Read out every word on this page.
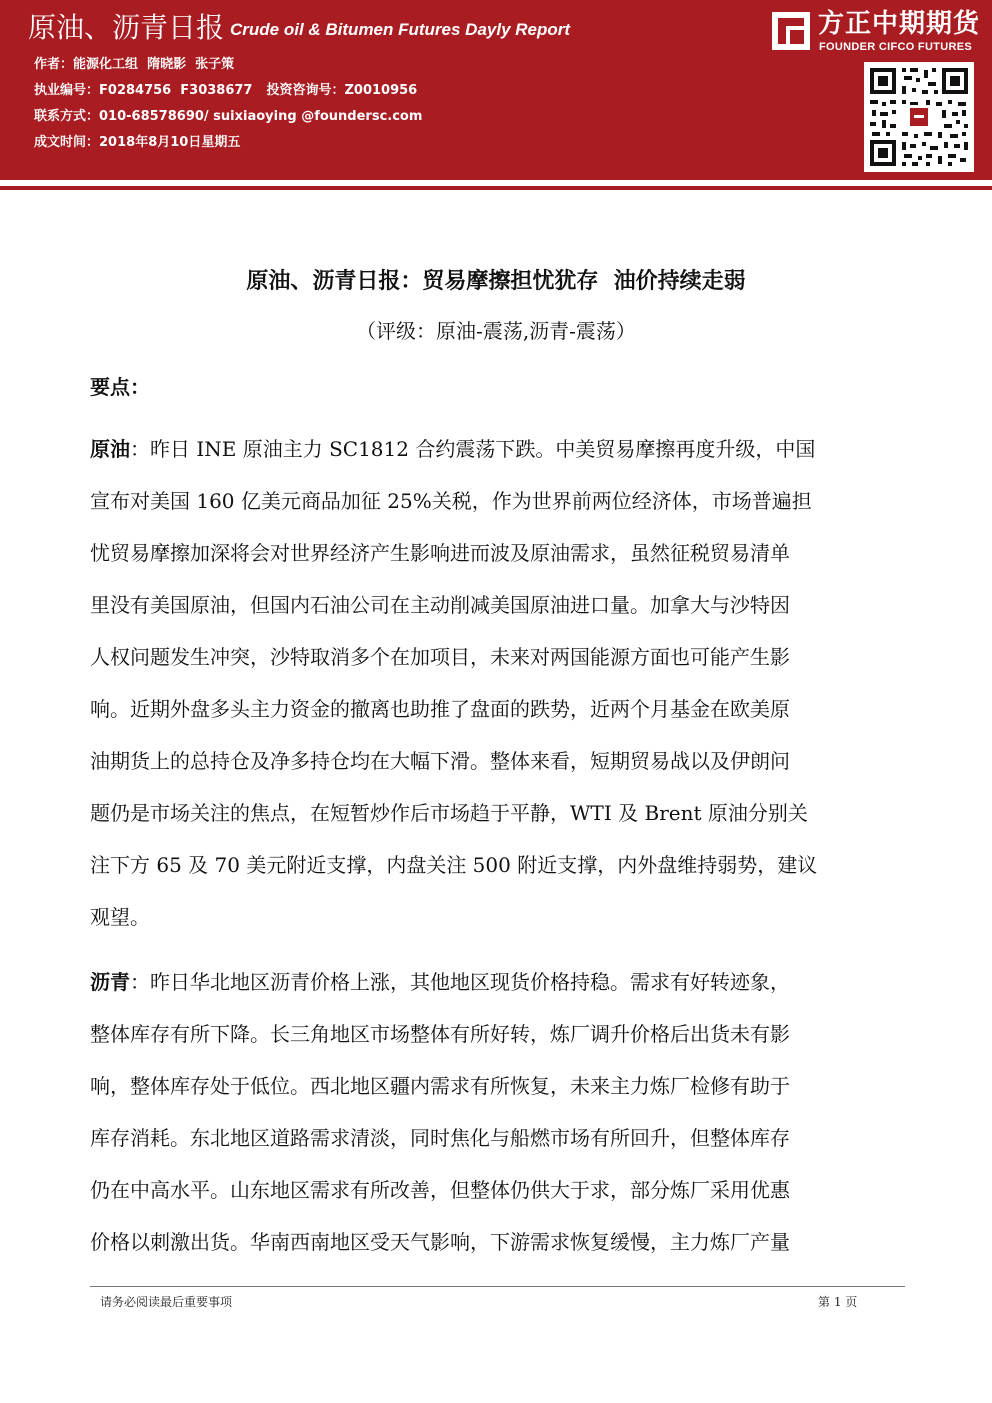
原油、沥青日报 Crude oil & Bitumen Futures Dayly Report
作者：能源化工组  隋晓影  张子策
执业编号：F0284756  F3038677 投资咨询号：Z0010956
联系方式：010-68578690/ suixiaoying @foundersc.com
成文时间：2018年8月10日星期五
方正中期期货
FOUNDER CIFCO FUTURES
原油、沥青日报：贸易摩擦担忧犹存  油价持续走弱
（评级：原油-震荡,沥青-震荡）
要点：
原油：昨日 INE 原油主力 SC1812 合约震荡下跌。中美贸易摩擦再度升级，中国
宣布对美国 160 亿美元商品加征 25%关税，作为世界前两位经济体，市场普遍担
忧贸易摩擦加深将会对世界经济产生影响进而波及原油需求，虽然征税贸易清单
里没有美国原油，但国内石油公司在主动削减美国原油进口量。加拿大与沙特因
人权问题发生冲突，沙特取消多个在加项目，未来对两国能源方面也可能产生影
响。近期外盘多头主力资金的撤离也助推了盘面的跌势，近两个月基金在欧美原
油期货上的总持仓及净多持仓均在大幅下滑。整体来看，短期贸易战以及伊朗问
题仍是市场关注的焦点，在短暂炒作后市场趋于平静，WTI 及 Brent 原油分别关
注下方 65 及 70 美元附近支撑，内盘关注 500 附近支撑，内外盘维持弱势，建议
观望。
沥青：昨日华北地区沥青价格上涨，其他地区现货价格持稳。需求有好转迹象，
整体库存有所下降。长三角地区市场整体有所好转，炼厂调升价格后出货未有影
响，整体库存处于低位。西北地区疆内需求有所恢复，未来主力炼厂检修有助于
库存消耗。东北地区道路需求清淡，同时焦化与船燃市场有所回升，但整体库存
仍在中高水平。山东地区需求有所改善，但整体仍供大于求，部分炼厂采用优惠
价格以刺激出货。华南西南地区受天气影响，下游需求恢复缓慢，主力炼厂产量
请务必阅读最后重要事项	第 1 页
